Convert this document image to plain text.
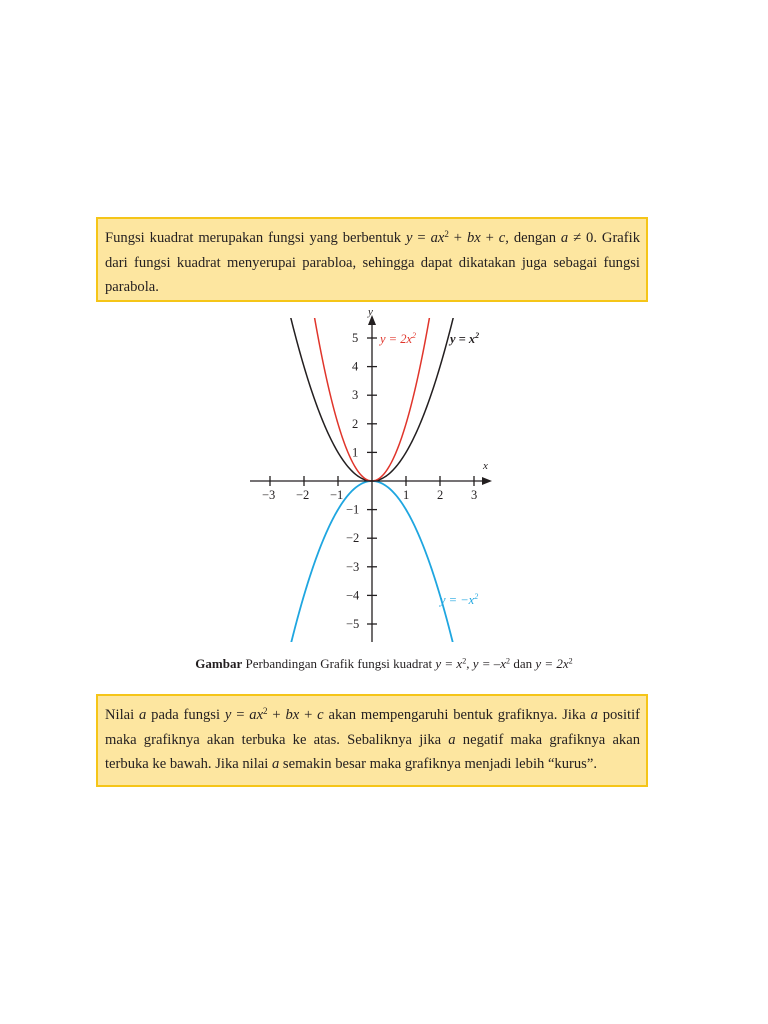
Fungsi kuadrat merupakan fungsi yang berbentuk $y = ax^2$ + bx + c, dengan a ≠ 0. Grafik dari fungsi kuadrat menyerupai parabloa, sehingga dapat dikatakan juga sebagai fungsi parabola.

x
y
−3 −2 −1	1 2 3
5
4
3
2
1
−1
−2
−3
−4
−5
$y = 2x^2$	$y = x^2$
$y = -x^2$
Gambar Perbandingan Grafik fungsi kuadrat $y = x^2$, $y = -x^2$ dan $y = 2x^2$

Nilai a pada fungsi $y = ax^2$ + bx + c akan mempengaruhi bentuk grafiknya. Jika a positif maka grafiknya akan terbuka ke atas. Sebaliknya jika a negatif maka grafiknya akan terbuka ke bawah. Jika nilai a semakin besar maka grafiknya menjadi lebih “kurus”.
